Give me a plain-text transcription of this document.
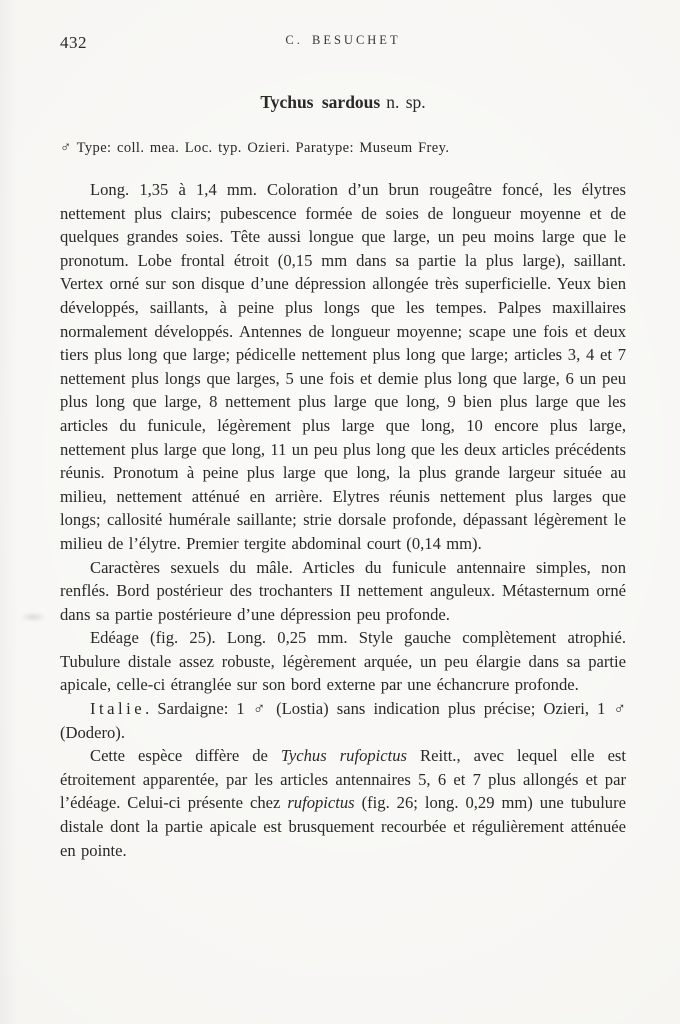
432	C. BESUCHET
Tychus sardous n. sp.
♂ Type: coll. mea. Loc. typ. Ozieri. Paratype: Museum Frey.

Long. 1,35 à 1,4 mm. Coloration d’un brun rougeâtre foncé, les élytres nettement plus clairs; pubescence formée de soies de longueur moyenne et de quelques grandes soies. Tête aussi longue que large, un peu moins large que le pronotum. Lobe frontal étroit (0,15 mm dans sa partie la plus large), saillant. Vertex orné sur son disque d’une dépression allongée très superficielle. Yeux bien développés, saillants, à peine plus longs que les tempes. Palpes maxillaires normalement développés. Antennes de longueur moyenne; scape une fois et deux tiers plus long que large; pédicelle nettement plus long que large; articles 3, 4 et 7 nettement plus longs que larges, 5 une fois et demie plus long que large, 6 un peu plus long que large, 8 nettement plus large que long, 9 bien plus large que les articles du funicule, légèrement plus large que long, 10 encore plus large, nettement plus large que long, 11 un peu plus long que les deux articles précédents réunis. Pronotum à peine plus large que long, la plus grande largeur située au milieu, nettement atténué en arrière. Elytres réunis nettement plus larges que longs; callosité humérale saillante; strie dorsale profonde, dépassant légèrement le milieu de l’élytre. Premier tergite abdominal court (0,14 mm).

Caractères sexuels du mâle. Articles du funicule antennaire simples, non renflés. Bord postérieur des trochanters II nettement anguleux. Métasternum orné dans sa partie postérieure d’une dépression peu profonde.

Edéage (fig. 25). Long. 0,25 mm. Style gauche complètement atrophié. Tubulure distale assez robuste, légèrement arquée, un peu élargie dans sa partie apicale, celle-ci étranglée sur son bord externe par une échancrure profonde.

Italie. Sardaigne: 1 ♂ (Lostia) sans indication plus précise; Ozieri, 1 ♂ (Dodero).

Cette espèce diffère de Tychus rufopictus Reitt., avec lequel elle est étroitement apparentée, par les articles antennaires 5, 6 et 7 plus allongés et par l’édéage. Celui-ci présente chez rufopictus (fig. 26; long. 0,29 mm) une tubulure distale dont la partie apicale est brusquement recourbée et régulièrement atténuée en pointe.
